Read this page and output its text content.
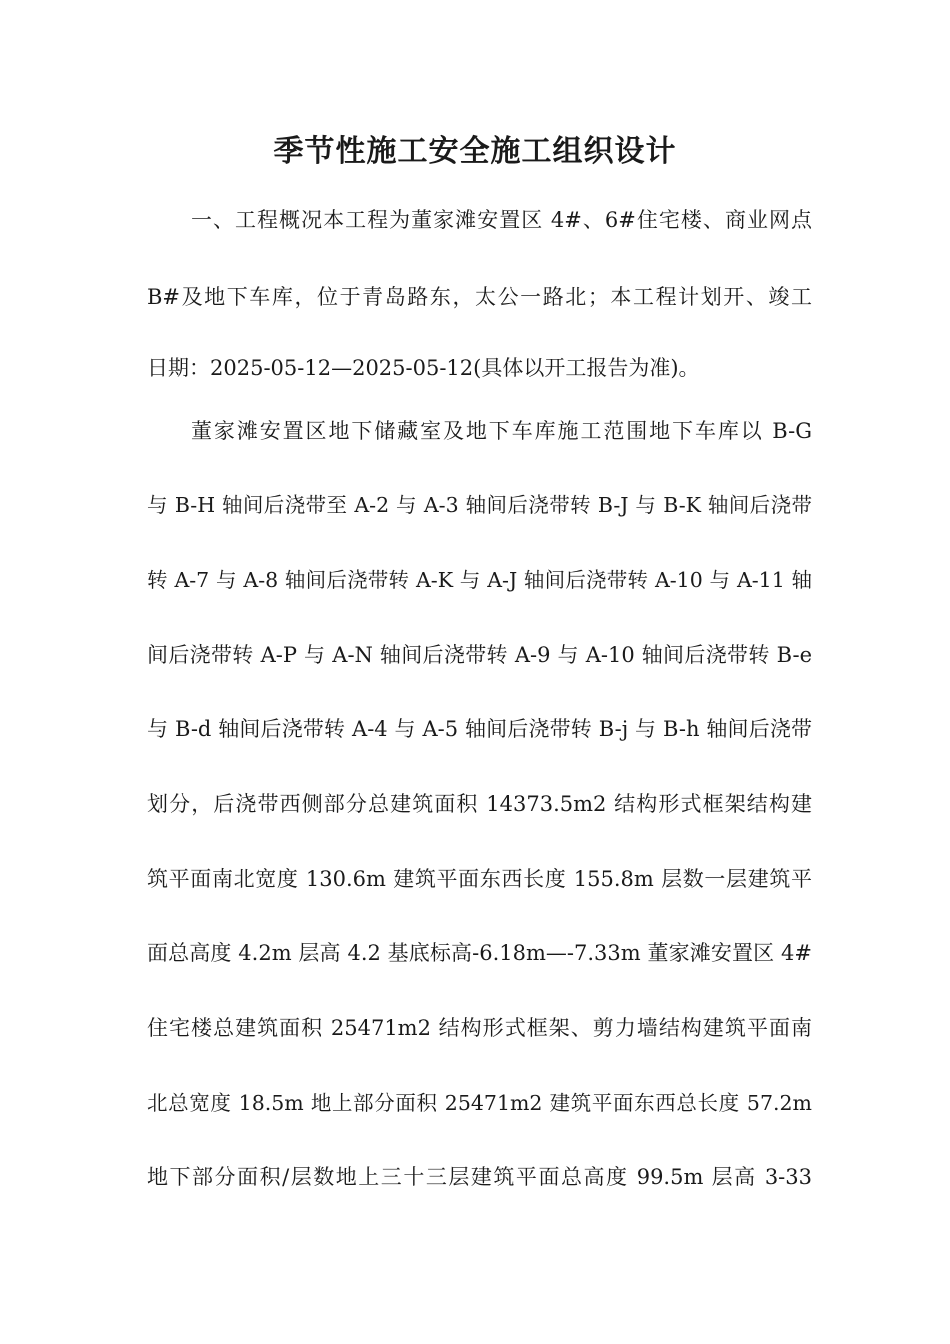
季节性施工安全施工组织设计

一、工程概况本工程为董家滩安置区 4#、6#住宅楼、商业网点

B#及地下车库，位于青岛路东，太公一路北；本工程计划开、竣工

日期：2025-05-12—2025-05-12(具体以开工报告为准)。

董家滩安置区地下储藏室及地下车库施工范围地下车库以 B-G

与 B-H 轴间后浇带至 A-2 与 A-3 轴间后浇带转 B-J 与 B-K 轴间后浇带

转 A-7 与 A-8 轴间后浇带转 A-K 与 A-J 轴间后浇带转 A-10 与 A-11 轴

间后浇带转 A-P 与 A-N 轴间后浇带转 A-9 与 A-10 轴间后浇带转 B-e

与 B-d 轴间后浇带转 A-4 与 A-5 轴间后浇带转 B-j 与 B-h 轴间后浇带

划分，后浇带西侧部分总建筑面积 14373.5m2 结构形式框架结构建

筑平面南北宽度 130.6m 建筑平面东西长度 155.8m 层数一层建筑平

面总高度 4.2m 层高 4.2 基底标高-6.18m—-7.33m 董家滩安置区 4#

住宅楼总建筑面积 25471m2 结构形式框架、剪力墙结构建筑平面南

北总宽度 18.5m 地上部分面积 25471m2 建筑平面东西总长度 57.2m

地下部分面积/层数地上三十三层建筑平面总高度 99.5m 层高 3-33
